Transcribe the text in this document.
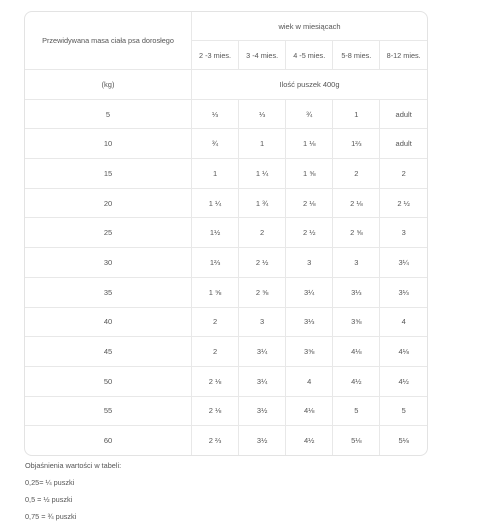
Przewidywana masa ciała psa dorosłego	wiek w miesiącach				
	2 -3 mies.	3 -4 mies.	4 -5 mies.	5-8 mies.	8-12 mies.
(kg)	Ilość puszek 400g				
5	⅓	⅓	¾	1	adult
10	¾	1	1 ⅛	1⅔	adult
15	1	1 ¼	1 ⅝	2	2
20	1 ¼	1 ¾	2 ⅛	2 ⅛	2 ½
25	1½	2	2 ½	2 ⅝	3
30	1⅔	2 ½	3	3	3¼
35	1 ⅝	2 ⅝	3¼	3⅓	3⅓
40	2	3	3⅓	3⅝	4
45	2	3¼	3⅝	4⅛	4⅛
50	2 ⅛	3¼	4	4½	4½
55	2 ⅛	3½	4⅛	5	5
60	2 ⅔	3½	4½	5⅛	5⅛
Objaśnienia wartości w tabeli:
0,25= ¼ puszki
0,5 = ½ puszki
0,75 = ¾ puszki
